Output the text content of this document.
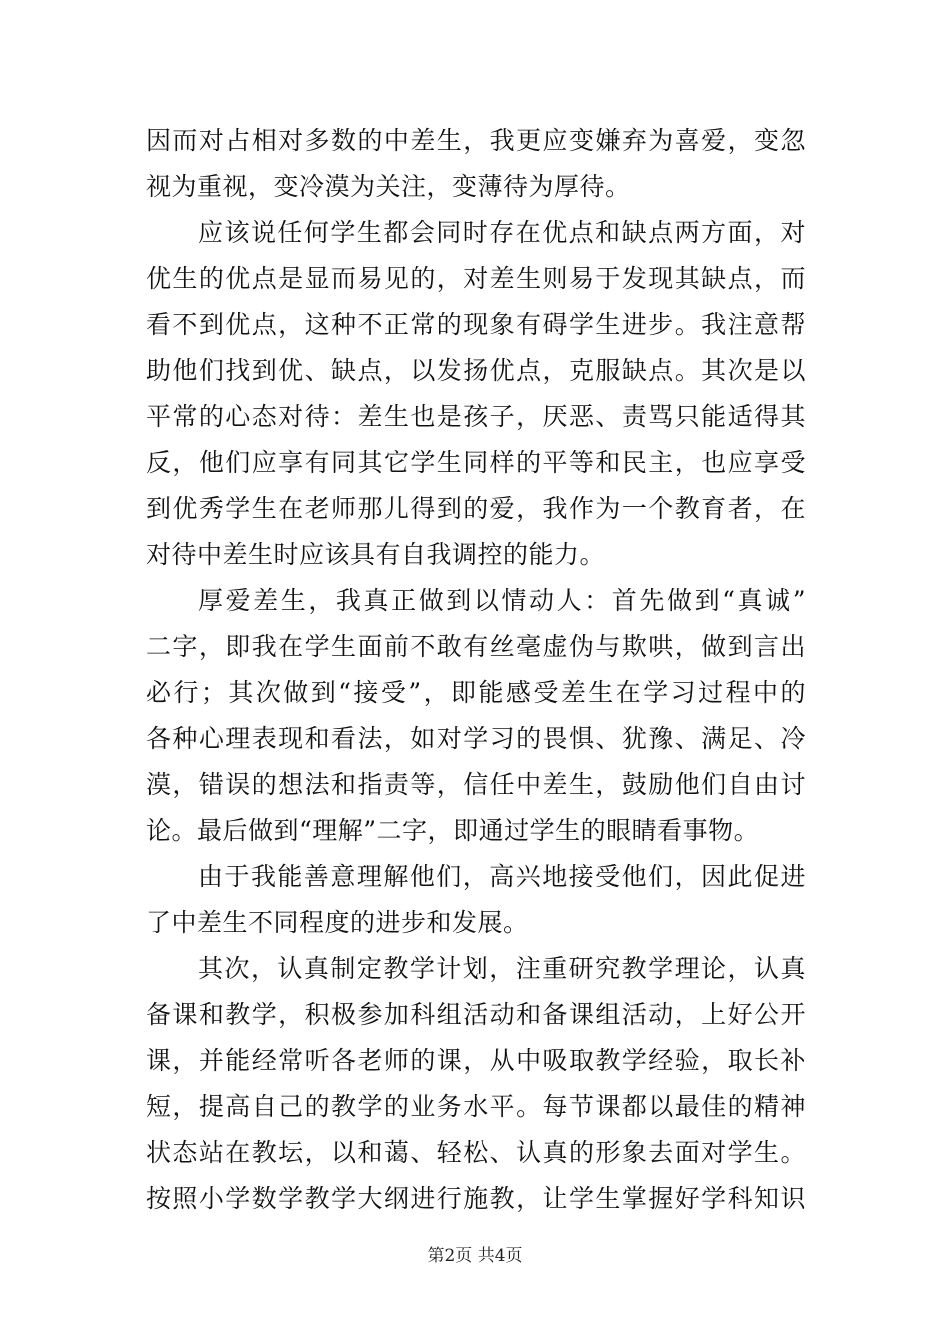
因而对占相对多数的中差生，我更应变嫌弃为喜爱，变忽
视为重视，变冷漠为关注，变薄待为厚待。
应该说任何学生都会同时存在优点和缺点两方面，对
优生的优点是显而易见的，对差生则易于发现其缺点，而
看不到优点，这种不正常的现象有碍学生进步。我注意帮
助他们找到优、缺点，以发扬优点，克服缺点。其次是以
平常的心态对待：差生也是孩子，厌恶、责骂只能适得其
反，他们应享有同其它学生同样的平等和民主，也应享受
到优秀学生在老师那儿得到的爱，我作为一个教育者，在
对待中差生时应该具有自我调控的能力。
厚爱差生，我真正做到以情动人：首先做到“真诚”
二字，即我在学生面前不敢有丝毫虚伪与欺哄，做到言出
必行；其次做到“接受”，即能感受差生在学习过程中的
各种心理表现和看法，如对学习的畏惧、犹豫、满足、冷
漠，错误的想法和指责等，信任中差生，鼓励他们自由讨
论。最后做到“理解”二字，即通过学生的眼睛看事物。
由于我能善意理解他们，高兴地接受他们，因此促进
了中差生不同程度的进步和发展。
其次，认真制定教学计划，注重研究教学理论，认真
备课和教学，积极参加科组活动和备课组活动，上好公开
课，并能经常听各老师的课，从中吸取教学经验，取长补
短，提高自己的教学的业务水平。每节课都以最佳的精神
状态站在教坛，以和蔼、轻松、认真的形象去面对学生。
按照小学数学教学大纲进行施教，让学生掌握好学科知识
第2页 共4页
